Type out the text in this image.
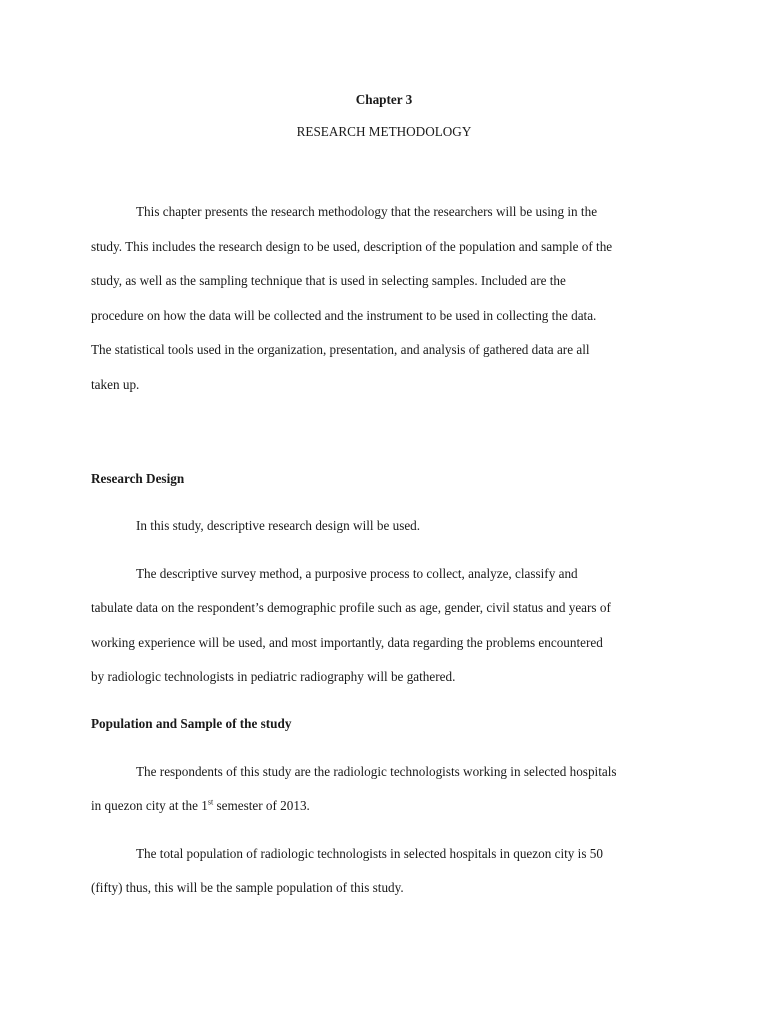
Chapter 3
RESEARCH METHODOLOGY
This chapter presents the research methodology that the researchers will be using in the
study. This includes the research design to be used, description of the population and sample of the
study, as well as the sampling technique that is used in selecting samples. Included are the
procedure on how the data will be collected and the instrument to be used in collecting the data.
The statistical tools used in the organization, presentation, and analysis of gathered data are all
taken up.
Research Design
In this study, descriptive research design will be used.
The descriptive survey method, a purposive process to collect, analyze, classify and
tabulate data on the respondent’s demographic profile such as age, gender, civil status and years of
working experience will be used, and most importantly, data regarding the problems encountered
by radiologic technologists in pediatric radiography will be gathered.
Population and Sample of the study
The respondents of this study are the radiologic technologists working in selected hospitals
in quezon city at the 1st semester of 2013.
The total population of radiologic technologists in selected hospitals in quezon city is 50
(fifty) thus, this will be the sample population of this study.
